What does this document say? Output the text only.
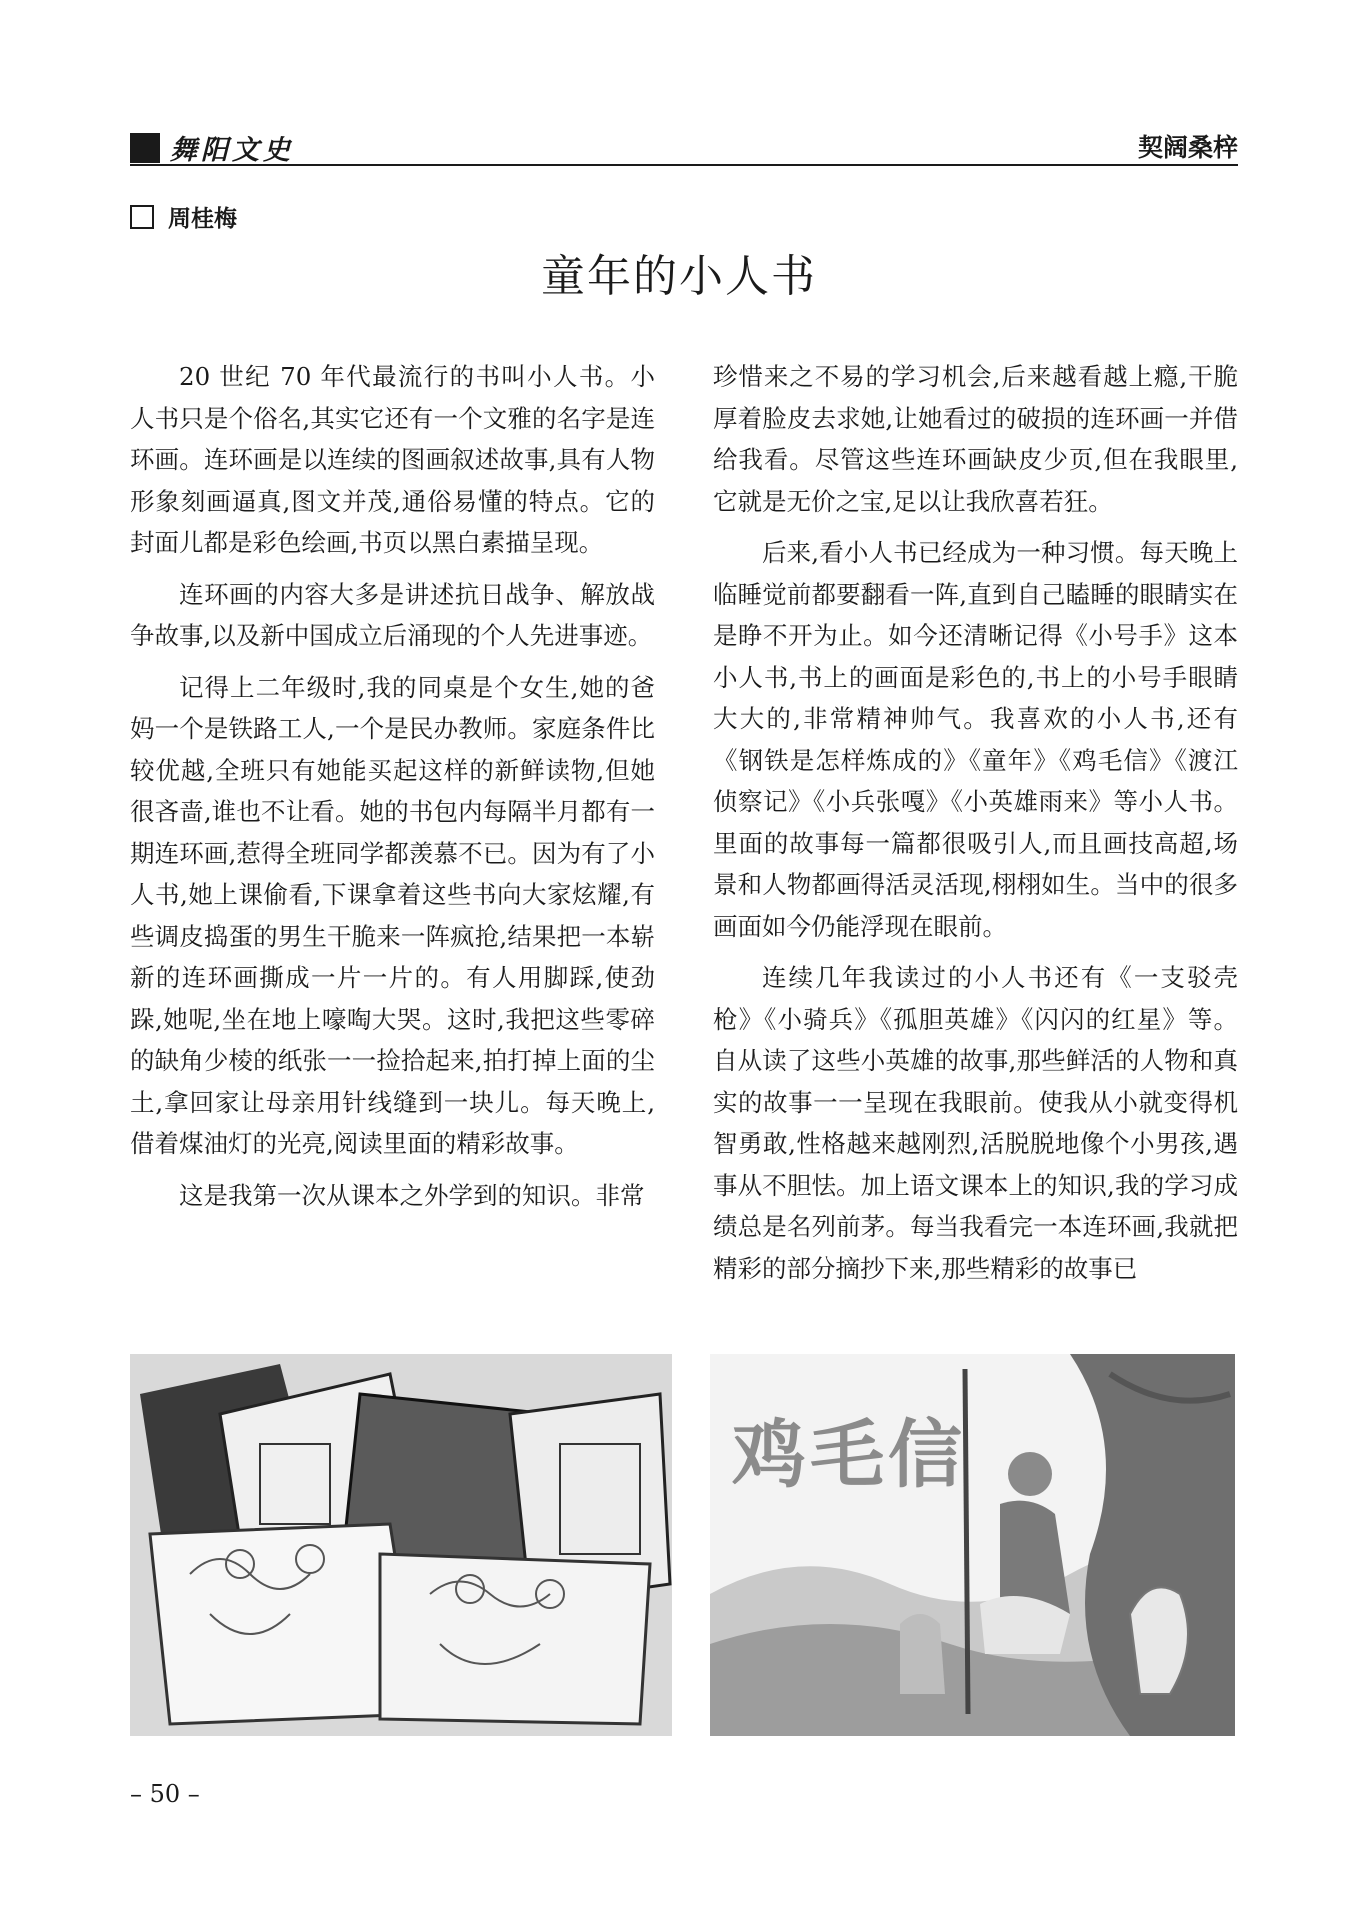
舞阳文史	契阔桑梓
周桂梅
童年的小人书

20 世纪 70 年代最流行的书叫小人书。小人书只是个俗名,其实它还有一个文雅的名字是连环画。连环画是以连续的图画叙述故事,具有人物形象刻画逼真,图文并茂,通俗易懂的特点。它的封面儿都是彩色绘画,书页以黑白素描呈现。

连环画的内容大多是讲述抗日战争、解放战争故事,以及新中国成立后涌现的个人先进事迹。

记得上二年级时,我的同桌是个女生,她的爸妈一个是铁路工人,一个是民办教师。家庭条件比较优越,全班只有她能买起这样的新鲜读物,但她很吝啬,谁也不让看。她的书包内每隔半月都有一期连环画,惹得全班同学都羡慕不已。因为有了小人书,她上课偷看,下课拿着这些书向大家炫耀,有些调皮捣蛋的男生干脆来一阵疯抢,结果把一本崭新的连环画撕成一片一片的。有人用脚踩,使劲跺,她呢,坐在地上嚎啕大哭。这时,我把这些零碎的缺角少棱的纸张一一捡拾起来,拍打掉上面的尘土,拿回家让母亲用针线缝到一块儿。每天晚上,借着煤油灯的光亮,阅读里面的精彩故事。

这是我第一次从课本之外学到的知识。非常

珍惜来之不易的学习机会,后来越看越上瘾,干脆厚着脸皮去求她,让她看过的破损的连环画一并借给我看。尽管这些连环画缺皮少页,但在我眼里,它就是无价之宝,足以让我欣喜若狂。

后来,看小人书已经成为一种习惯。每天晚上临睡觉前都要翻看一阵,直到自己瞌睡的眼睛实在是睁不开为止。如今还清晰记得《小号手》这本小人书,书上的画面是彩色的,书上的小号手眼睛大大的,非常精神帅气。我喜欢的小人书,还有《钢铁是怎样炼成的》《童年》《鸡毛信》《渡江侦察记》《小兵张嘎》《小英雄雨来》等小人书。里面的故事每一篇都很吸引人,而且画技高超,场景和人物都画得活灵活现,栩栩如生。当中的很多画面如今仍能浮现在眼前。

连续几年我读过的小人书还有《一支驳壳枪》《小骑兵》《孤胆英雄》《闪闪的红星》等。自从读了这些小英雄的故事,那些鲜活的人物和真实的故事一一呈现在我眼前。使我从小就变得机智勇敢,性格越来越刚烈,活脱脱地像个小男孩,遇事从不胆怯。加上语文课本上的知识,我的学习成绩总是名列前茅。每当我看完一本连环画,我就把精彩的部分摘抄下来,那些精彩的故事已

鸡毛信
– 50 –
